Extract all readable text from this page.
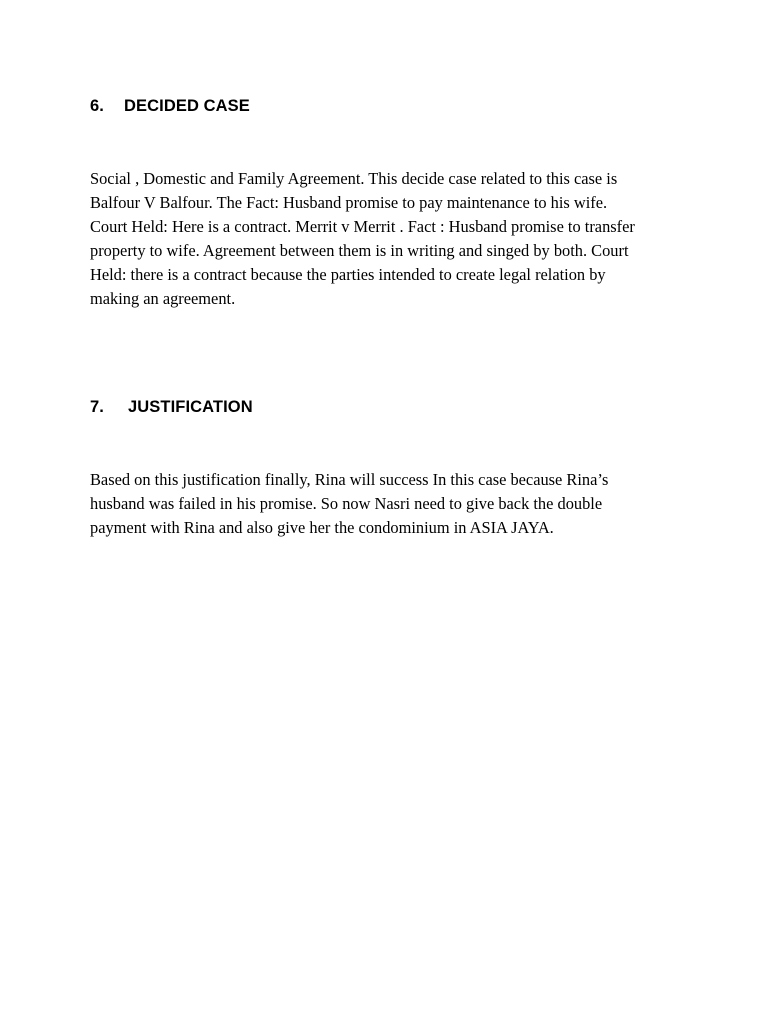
6. DECIDED CASE
Social , Domestic and Family Agreement. This decide case related to this case is
Balfour V Balfour. The Fact: Husband promise to pay maintenance to his wife.
Court Held: Here is a contract. Merrit v Merrit . Fact : Husband promise to transfer
property to wife. Agreement between them is in writing and singed by both. Court
Held: there is a contract because the parties intended to create legal relation by
making an agreement.
7. JUSTIFICATION
Based on this justification finally, Rina will success In this case because Rina’s
husband was failed in his promise. So now Nasri need to give back the double
payment with Rina and also give her the condominium in ASIA JAYA.
